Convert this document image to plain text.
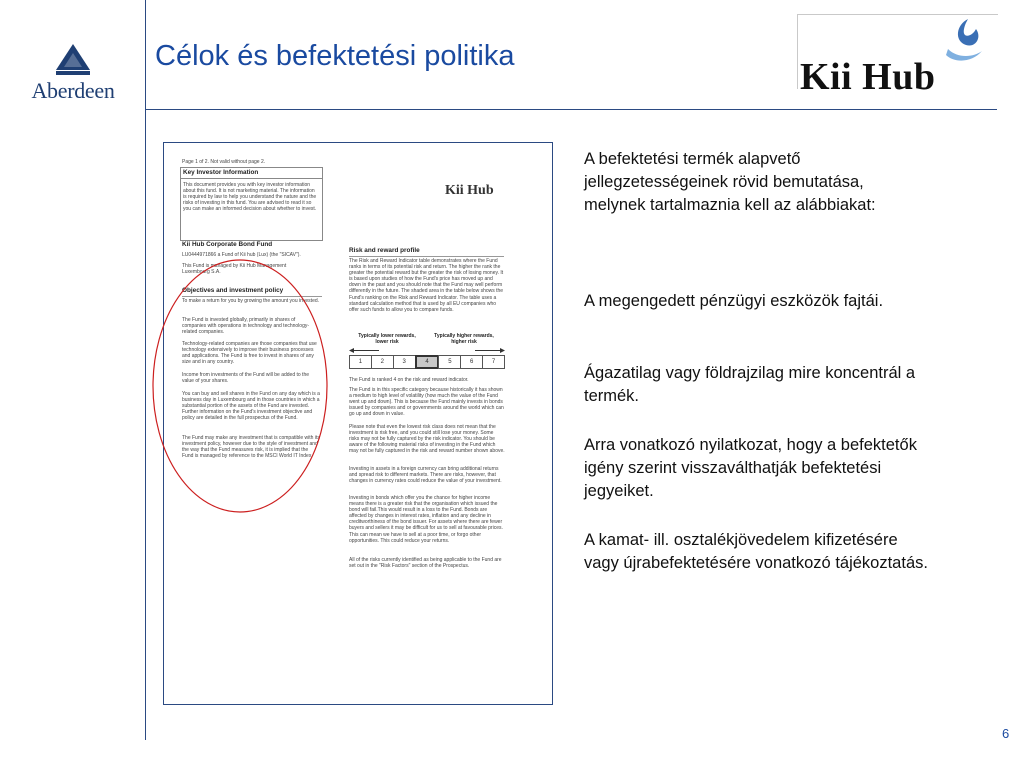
Aberdeen
Célok és befektetési politika	Kii Hub
Page 1 of 2. Not valid without page 2.
Key Investor Information
This document provides you with key investor information about this fund. It is not marketing material. The information is required by law to help you understand the nature and the risks of investing in this fund. You are advised to read it so you can make an informed decision about whether to invest.
Kii Hub
Kii Hub Corporate Bond Fund
LU0444971866 a Fund of Kii hub (Lux) (the "SICAV").
This Fund is managed by Kii Hub Management Luxembourg S.A.
Objectives and investment policy
To make a return for you by growing the amount you invested.
The Fund is invested globally, primarily in shares of companies with operations in technology and technology-related companies.
Technology-related companies are those companies that use technology extensively to improve their business processes and applications. The Fund is free to invest in shares of any size and in any country.
Income from investments of the Fund will be added to the value of your shares.
You can buy and sell shares in the Fund on any day which is a business day in Luxembourg and in those countries in which a substantial portion of the assets of the Fund are invested. Further information on the Fund's investment objective and policy are detailed in the full prospectus of the Fund.
The Fund may make any investment that is compatible with its investment policy, however due to the style of investment and the way that the Fund measures risk, it is implied that the Fund is managed by reference to the MSCI World IT Index.
Risk and reward profile
The Risk and Reward Indicator table demonstrates where the Fund ranks in terms of its potential risk and return. The higher the rank the greater the potential reward but the greater the risk of losing money. It is based upon studies of how the Fund's price has moved up and down in the past and you should note that the Fund may well perform differently in the future. The shaded area in the table below shows the Fund's ranking on the Risk and Reward Indicator. The table uses a standard calculation method that is used by all EU companies who offer such funds to allow you to compare funds.
Typically lower rewards, lower risk
Typically higher rewards, higher risk
1	2	3	4	5	6	7
The Fund is ranked 4 on the risk and reward indicator.
The Fund is in this specific category because historically it has shown a medium to high level of volatility (how much the value of the Fund went up and down). This is because the Fund mainly invests in bonds issued by companies and or governments around the world which can go up and down in value.
Please note that even the lowest risk class does not mean that the investment is risk free, and you could still lose your money. Some risks may not be fully captured by the risk indicator. You should be aware of the following material risks of investing in the Fund which may not be fully captured in the risk and reward number shown above.
Investing in assets in a foreign currency can bring additional returns and spread risk to different markets. There are risks, however, that changes in currency rates could reduce the value of your investment.
Investing in bonds which offer you the chance for higher income means there is a greater risk that the organisation which issued the bond will fail.This would result in a loss to the Fund. Bonds are affected by changes in interest rates, inflation and any decline in creditworthiness of the bond issuer. For assets where there are fewer buyers and sellers it may be difficult for us to sell at favourable prices. This can mean we have to sell at a poor time, or forgo other opportunities. This could reduce your returns.
All of the risks currently identified as being applicable to the Fund are set out in the "Risk Factors" section of the Prospectus.
A befektetési termék alapvető jellegzetességeinek rövid bemutatása, melynek tartalmaznia kell az alábbiakat:
A megengedett pénzügyi eszközök fajtái.
Ágazatilag vagy földrajzilag mire koncentrál a termék.
Arra vonatkozó nyilatkozat, hogy a befektetők igény szerint visszaválthatják befektetési jegyeiket.
A kamat- ill. osztalékjövedelem kifizetésére vagy újrabefektetésére vonatkozó tájékoztatás.
6
